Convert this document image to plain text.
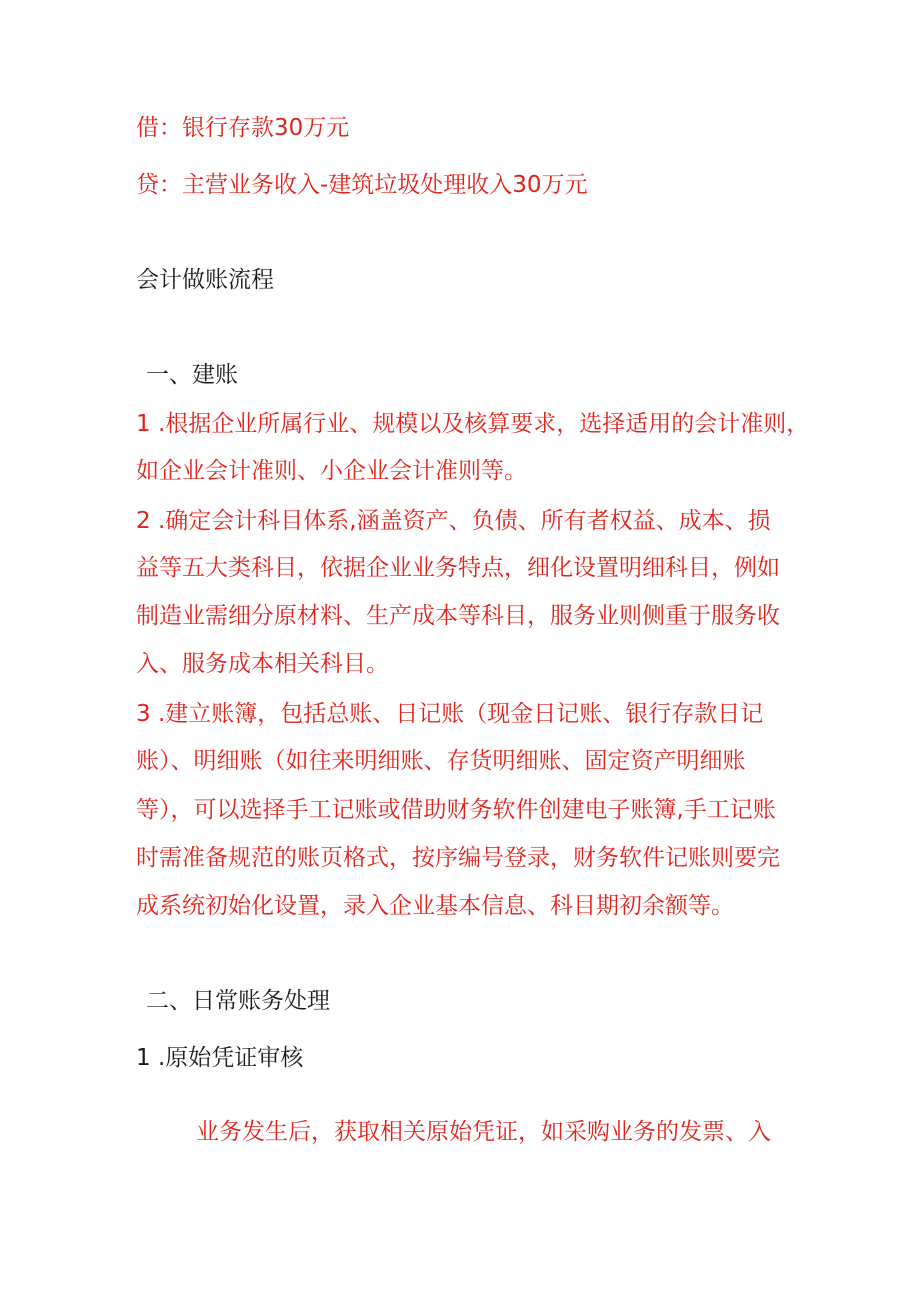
借：银行存款30万元
贷：主营业务收入-建筑垃圾处理收入30万元
会计做账流程
一、建账
1 .根据企业所属行业、规模以及核算要求，选择适用的会计准则，
如企业会计准则、小企业会计准则等。
2 .确定会计科目体系,涵盖资产、负债、所有者权益、成本、损
益等五大类科目，依据企业业务特点，细化设置明细科目，例如
制造业需细分原材料、生产成本等科目，服务业则侧重于服务收
入、服务成本相关科目。
3 .建立账簿，包括总账、日记账（现金日记账、银行存款日记
账）、明细账（如往来明细账、存货明细账、固定资产明细账
等），可以选择手工记账或借助财务软件创建电子账簿,手工记账
时需准备规范的账页格式，按序编号登录，财务软件记账则要完
成系统初始化设置，录入企业基本信息、科目期初余额等。
二、日常账务处理
1 .原始凭证审核
业务发生后，获取相关原始凭证，如采购业务的发票、入
